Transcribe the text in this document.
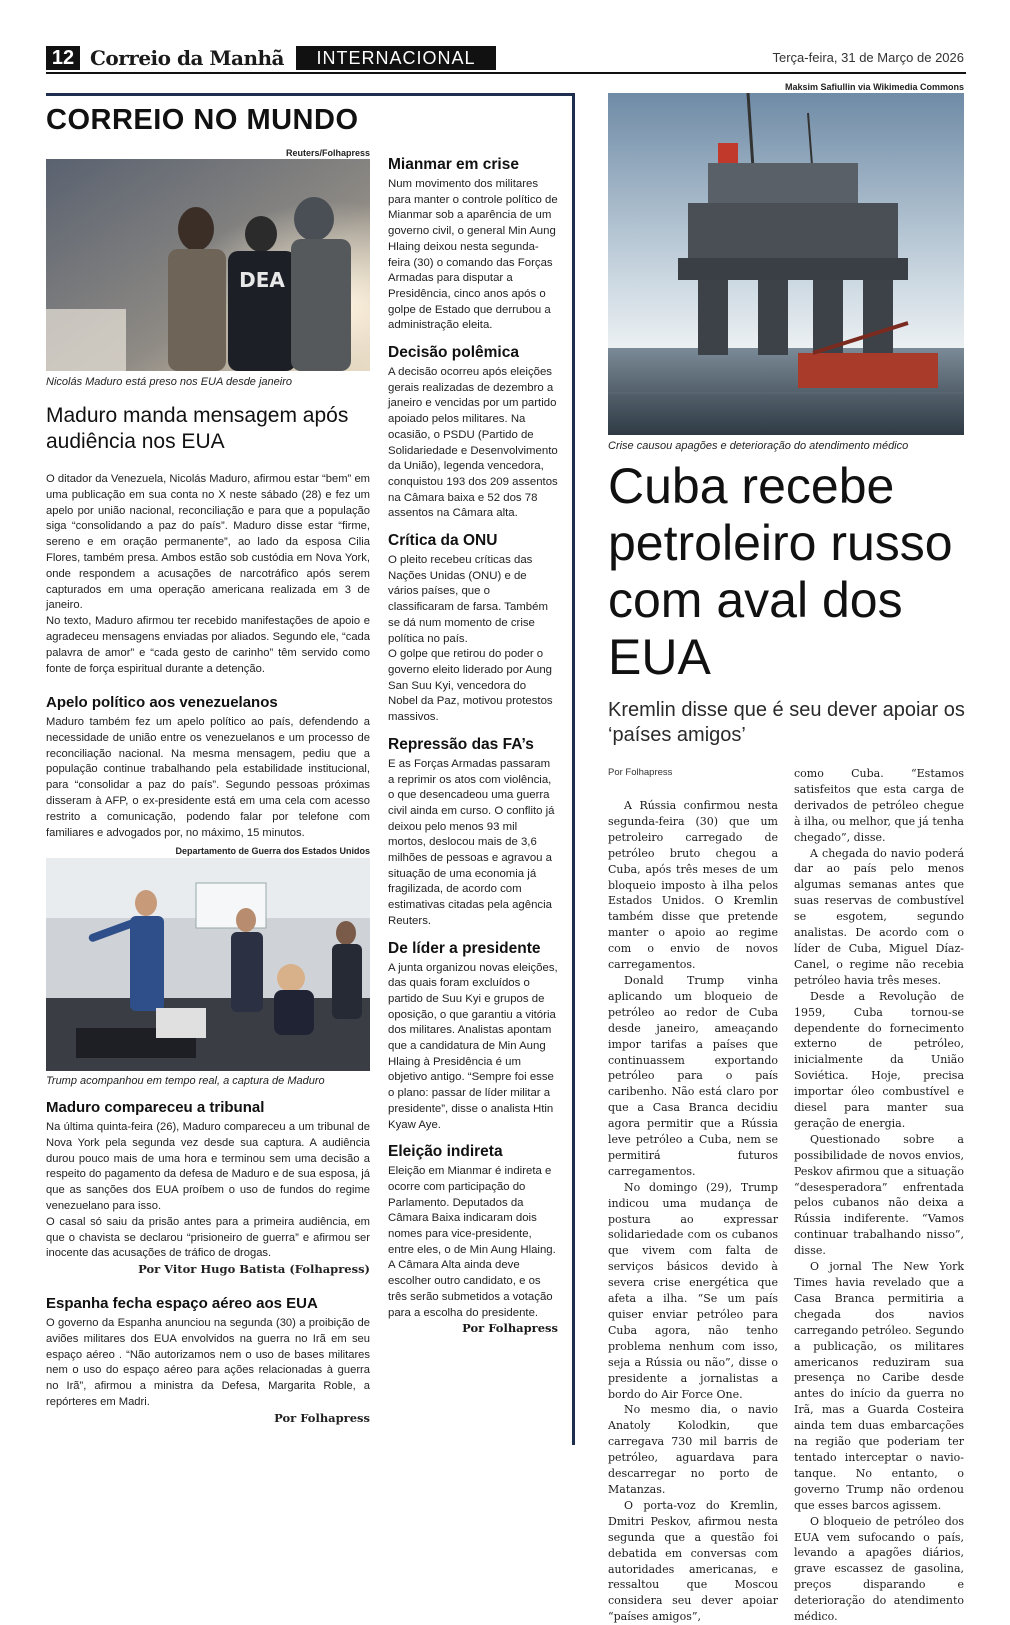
12 Correio da Manhã	INTERNACIONAL	Terça-feira, 31 de Março de 2026
CORREIO NO MUNDO
Reuters/Folhapress
DEA
Nicolás Maduro está preso nos EUA desde janeiro
Maduro manda mensagem após audiência nos EUA

O ditador da Venezuela, Nicolás Maduro, afirmou estar “bem” em uma publicação em sua conta no X neste sábado (28) e fez um apelo por união nacional, reconciliação e para que a população siga “consolidando a paz do país”. Maduro disse estar “firme, sereno e em oração permanente”, ao lado da esposa Cilia Flores, também presa. Ambos estão sob custódia em Nova York, onde respondem a acusações de narcotráfico após serem capturados em uma operação americana realizada em 3 de janeiro.

No texto, Maduro afirmou ter recebido manifestações de apoio e agradeceu mensagens enviadas por aliados. Segundo ele, “cada palavra de amor” e “cada gesto de carinho” têm servido como fonte de força espiritual durante a detenção.

Apelo político aos venezuelanos

Maduro também fez um apelo político ao país, defendendo a necessidade de união entre os venezuelanos e um processo de reconciliação nacional. Na mesma mensagem, pediu que a população continue trabalhando pela estabilidade institucional, para “consolidar a paz do país”. Segundo pessoas próximas disseram à AFP, o ex-presidente está em uma cela com acesso restrito a comunicação, podendo falar por telefone com familiares e advogados por, no máximo, 15 minutos.

Departamento de Guerra dos Estados Unidos
Trump acompanhou em tempo real, a captura de Maduro
Maduro compareceu a tribunal

Na última quinta-feira (26), Maduro compareceu a um tribunal de Nova York pela segunda vez desde sua captura. A audiência durou pouco mais de uma hora e terminou sem uma decisão a respeito do pagamento da defesa de Maduro e de sua esposa, já que as sanções dos EUA proíbem o uso de fundos do regime venezuelano para isso.

O casal só saiu da prisão antes para a primeira audiência, em que o chavista se declarou “prisioneiro de guerra” e afirmou ser inocente das acusações de tráfico de drogas.

Por Vitor Hugo Batista (Folhapress)
Espanha fecha espaço aéreo aos EUA

O governo da Espanha anunciou na segunda (30) a proibição de aviões militares dos EUA envolvidos na guerra no Irã em seu espaço aéreo . “Não autorizamos nem o uso de bases militares nem o uso do espaço aéreo para ações relacionadas à guerra no Irã”, afirmou a ministra da Defesa, Margarita Roble, a repórteres em Madri.

Por Folhapress
Mianmar em crise

Num movimento dos militares para manter o controle político de Mianmar sob a aparência de um governo civil, o general Min Aung Hlaing deixou nesta segunda-feira (30) o comando das Forças Armadas para disputar a Presidência, cinco anos após o golpe de Estado que derrubou a administração eleita.

Decisão polêmica

A decisão ocorreu após eleições gerais realizadas de dezembro a janeiro e vencidas por um partido apoiado pelos militares. Na ocasião, o PSDU (Partido de Solidariedade e Desenvolvimento da União), legenda vencedora, conquistou 193 dos 209 assentos na Câmara baixa e 52 dos 78 assentos na Câmara alta.

Crítica da ONU

O pleito recebeu críticas das Nações Unidas (ONU) e de vários países, que o classificaram de farsa. Também se dá num momento de crise política no país.

O golpe que retirou do poder o governo eleito liderado por Aung San Suu Kyi, vencedora do Nobel da Paz, motivou protestos massivos.

Repressão das FA’s

E as Forças Armadas passaram a reprimir os atos com violência, o que desencadeou uma guerra civil ainda em curso. O conflito já deixou pelo menos 93 mil mortos, deslocou mais de 3,6 milhões de pessoas e agravou a situação de uma economia já fragilizada, de acordo com estimativas citadas pela agência Reuters.

De líder a presidente

A junta organizou novas eleições, das quais foram excluídos o partido de Suu Kyi e grupos de oposição, o que garantiu a vitória dos militares. Analistas apontam que a candidatura de Min Aung Hlaing à Presidência é um objetivo antigo. “Sempre foi esse o plano: passar de líder militar a presidente”, disse o analista Htin Kyaw Aye.

Eleição indireta

Eleição em Mianmar é indireta e ocorre com participação do Parlamento. Deputados da Câmara Baixa indicaram dois nomes para vice-presidente, entre eles, o de Min Aung Hlaing. A Câmara Alta ainda deve escolher outro candidato, e os três serão submetidos a votação para a escolha do presidente.

Por Folhapress
Maksim Safiullin via Wikimedia Commons
Crise causou apagões e deterioração do atendimento médico
Cuba recebe petroleiro russo com aval dos EUA
Kremlin disse que é seu dever apoiar os ‘países amigos’
Por Folhapress

A Rússia confirmou nesta segunda-feira (30) que um petroleiro carregado de petróleo bruto chegou a Cuba, após três meses de um bloqueio imposto à ilha pelos Estados Unidos. O Kremlin também disse que pretende manter o apoio ao regime com o envio de novos carregamentos.

Donald Trump vinha aplicando um bloqueio de petróleo ao redor de Cuba desde janeiro, ameaçando impor tarifas a países que continuassem exportando petróleo para o país caribenho. Não está claro por que a Casa Branca decidiu agora permitir que a Rússia leve petróleo a Cuba, nem se permitirá futuros carregamentos.

No domingo (29), Trump indicou uma mudança de postura ao expressar solidariedade com os cubanos que vivem com falta de serviços básicos devido à severa crise energética que afeta a ilha. “Se um país quiser enviar petróleo para Cuba agora, não tenho problema nenhum com isso, seja a Rússia ou não”, disse o presidente a jornalistas a bordo do Air Force One.

No mesmo dia, o navio Anatoly Kolodkin, que carregava 730 mil barris de petróleo, aguardava para descarregar no porto de Matanzas.

O porta-voz do Kremlin, Dmitri Peskov, afirmou nesta segunda que a questão foi debatida em conversas com autoridades americanas, e ressaltou que Moscou considera seu dever apoiar “países amigos”,

como Cuba. “Estamos satisfeitos que esta carga de derivados de petróleo chegue à ilha, ou melhor, que já tenha chegado”, disse.

A chegada do navio poderá dar ao país pelo menos algumas semanas antes que suas reservas de combustível se esgotem, segundo analistas. De acordo com o líder de Cuba, Miguel Díaz-Canel, o regime não recebia petróleo havia três meses.

Desde a Revolução de 1959, Cuba tornou-se dependente do fornecimento externo de petróleo, inicialmente da União Soviética. Hoje, precisa importar óleo combustível e diesel para manter sua geração de energia.

Questionado sobre a possibilidade de novos envios, Peskov afirmou que a situação “desesperadora” enfrentada pelos cubanos não deixa a Rússia indiferente. “Vamos continuar trabalhando nisso”, disse.

O jornal The New York Times havia revelado que a Casa Branca permitiria a chegada dos navios carregando petróleo. Segundo a publicação, os militares americanos reduziram sua presença no Caribe desde antes do início da guerra no Irã, mas a Guarda Costeira ainda tem duas embarcações na região que poderiam ter tentado interceptar o navio-tanque. No entanto, o governo Trump não ordenou que esses barcos agissem.

O bloqueio de petróleo dos EUA vem sufocando o país, levando a apagões diários, grave escassez de gasolina, preços disparando e deterioração do atendimento médico.
